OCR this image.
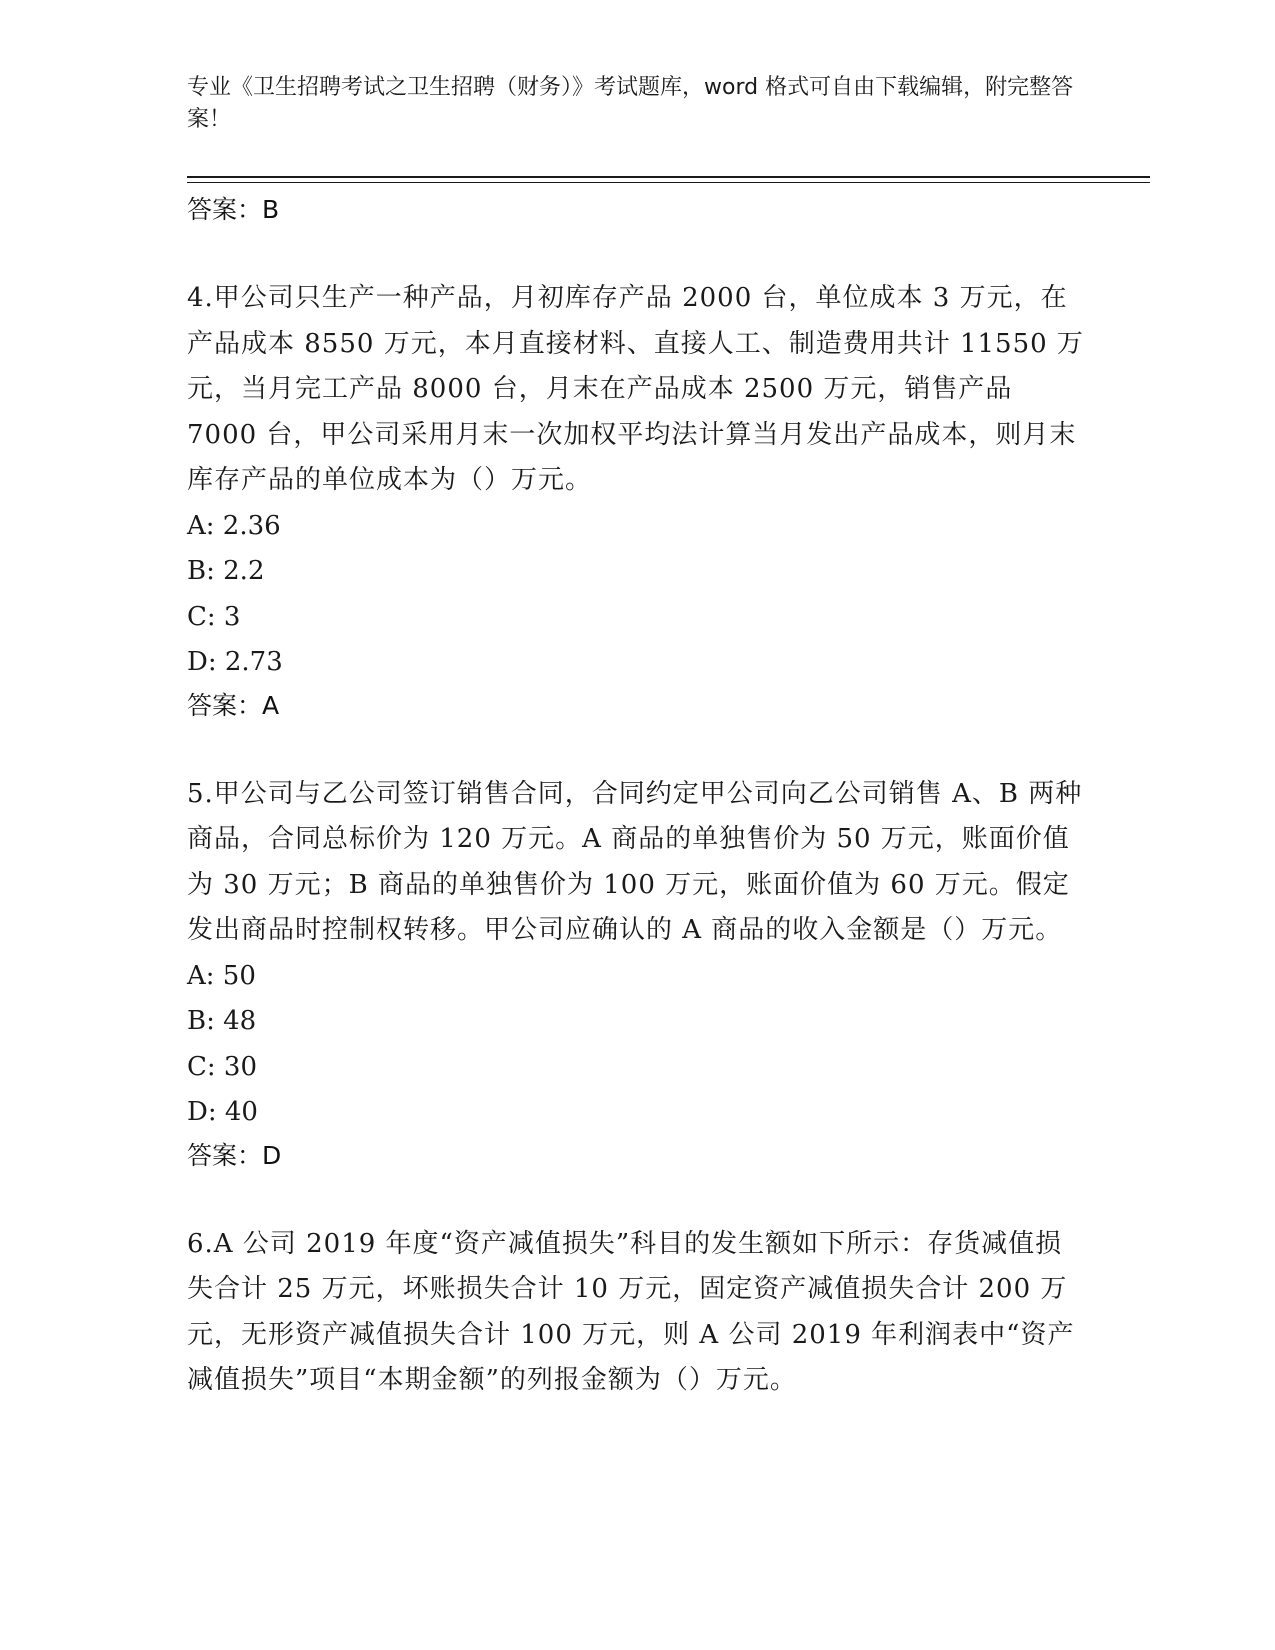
专业《卫生招聘考试之卫生招聘（财务）》考试题库，word 格式可自由下载编辑，附完整答案！

答案：B

4.甲公司只生产一种产品，月初库存产品 2000 台，单位成本 3 万元，在产品成本 8550 万元，本月直接材料、直接人工、制造费用共计 11550 万元，当月完工产品 8000 台，月末在产品成本 2500 万元，销售产品 7000 台，甲公司采用月末一次加权平均法计算当月发出产品成本，则月末库存产品的单位成本为（）万元。

A: 2.36

B: 2.2

C: 3

D: 2.73

答案：A

5.甲公司与乙公司签订销售合同，合同约定甲公司向乙公司销售 A、B 两种商品，合同总标价为 120 万元。A 商品的单独售价为 50 万元，账面价值为 30 万元；B 商品的单独售价为 100 万元，账面价值为 60 万元。假定发出商品时控制权转移。甲公司应确认的 A 商品的收入金额是（）万元。

A: 50

B: 48

C: 30

D: 40

答案：D

6.A 公司 2019 年度“资产减值损失”科目的发生额如下所示：存货减值损失合计 25 万元，坏账损失合计 10 万元，固定资产减值损失合计 200 万元，无形资产减值损失合计 100 万元，则 A 公司 2019 年利润表中“资产减值损失”项目“本期金额”的列报金额为（）万元。
